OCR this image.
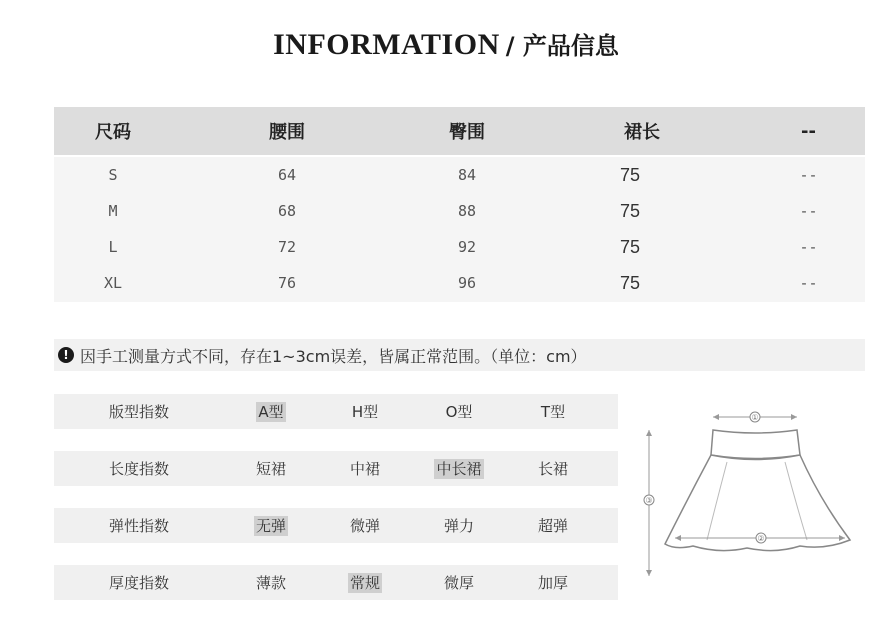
INFORMATION / 产品信息
尺码	腰围	臀围	裙长	--
S	64	84	75	--
M	68	88	75	--
L	72	92	75	--
XL	76	96	75	--
! 因手工测量方式不同，存在1~3cm误差，皆属正常范围。（单位：cm）
版型指数	A型	H型	O型	T型
长度指数	短裙	中裙	中长裙	长裙
弹性指数	无弹	微弹	弹力	超弹
厚度指数	薄款	常规	微厚	加厚
①
②
③
